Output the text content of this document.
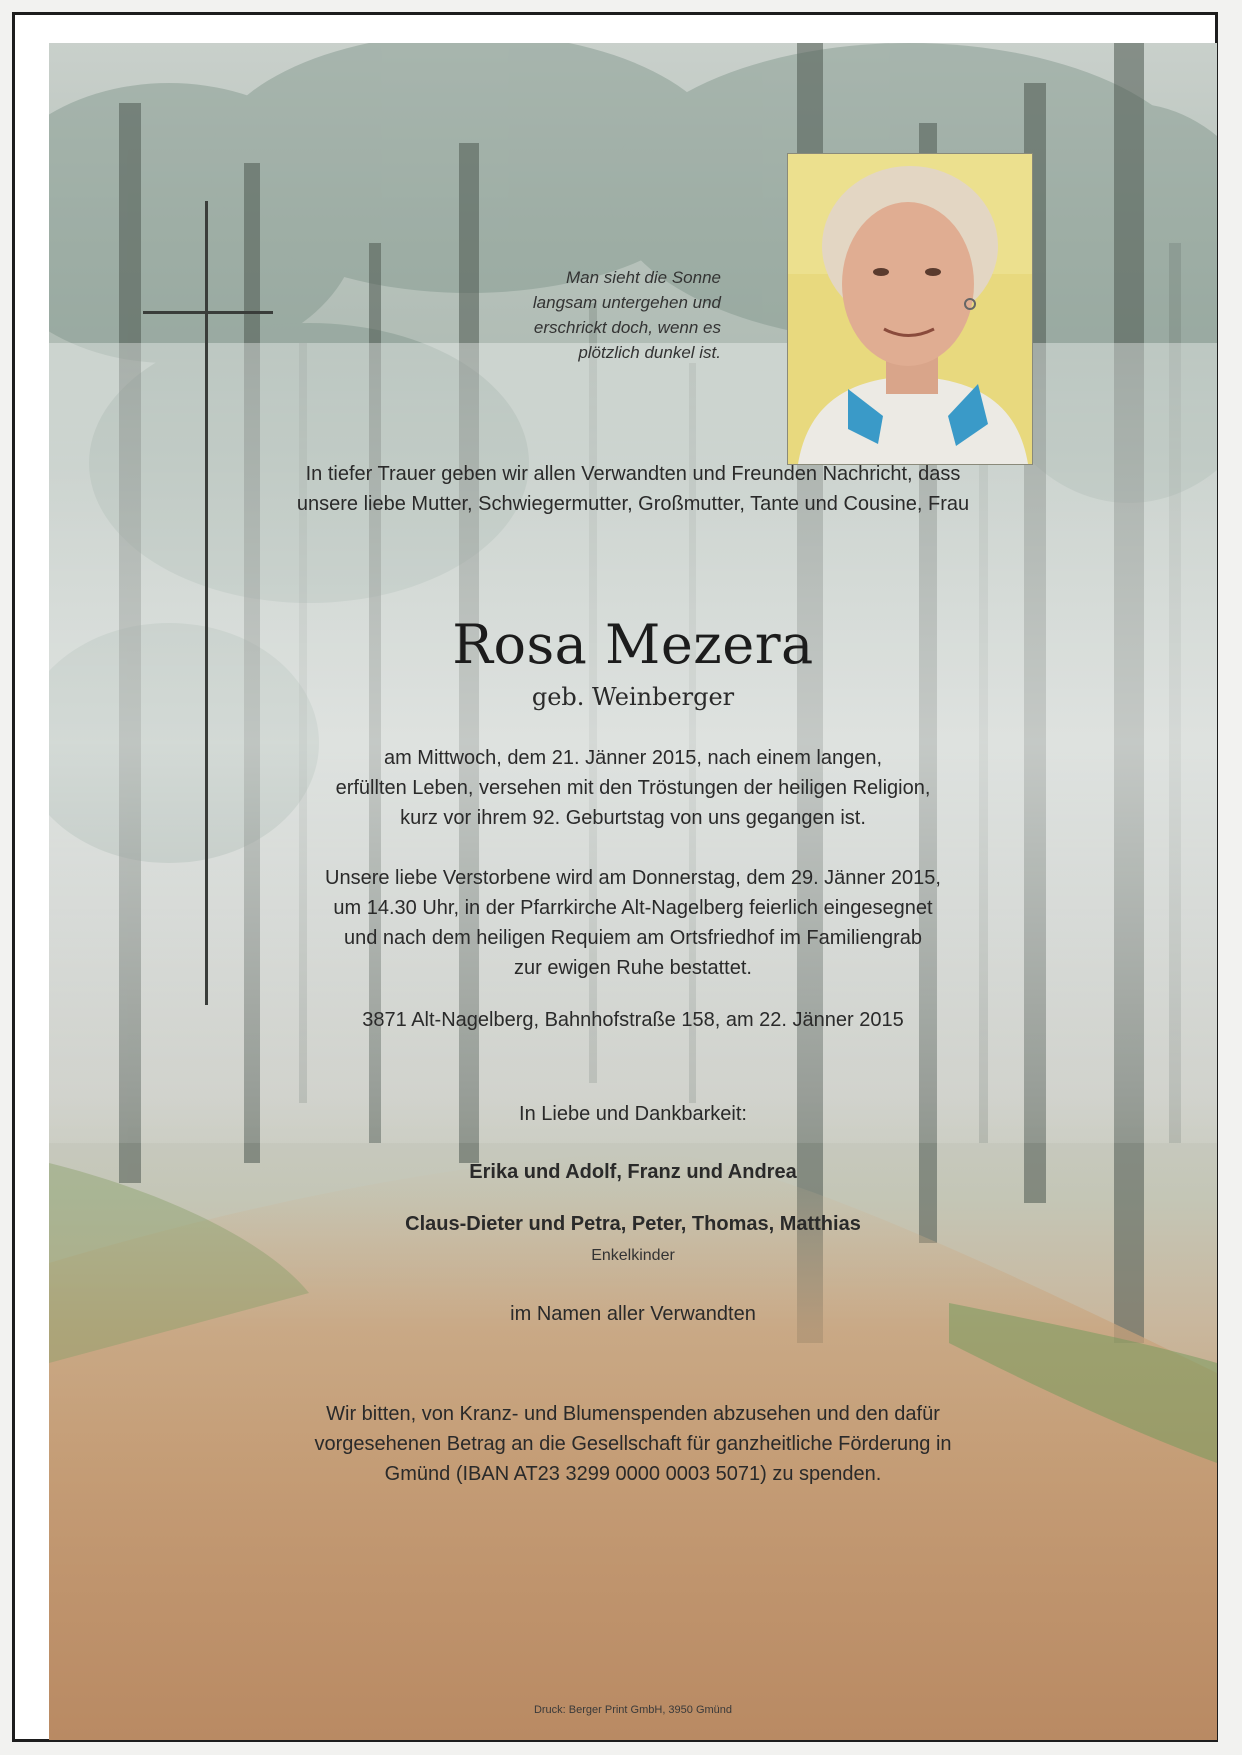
Man sieht die Sonne
langsam untergehen und
erschrickt doch, wenn es
plötzlich dunkel ist.
In tiefer Trauer geben wir allen Verwandten und Freunden Nachricht, dass
unsere liebe Mutter, Schwiegermutter, Großmutter, Tante und Cousine, Frau
Rosa Mezera
geb. Weinberger
am Mittwoch, dem 21. Jänner 2015, nach einem langen,
erfüllten Leben, versehen mit den Tröstungen der heiligen Religion,
kurz vor ihrem 92. Geburtstag von uns gegangen ist.
Unsere liebe Verstorbene wird am Donnerstag, dem 29. Jänner 2015,
um 14.30 Uhr, in der Pfarrkirche Alt-Nagelberg feierlich eingesegnet
und nach dem heiligen Requiem am Ortsfriedhof im Familiengrab
zur ewigen Ruhe bestattet.
3871 Alt-Nagelberg, Bahnhofstraße 158, am 22. Jänner 2015
In Liebe und Dankbarkeit:
Erika und Adolf, Franz und Andrea
Claus-Dieter und Petra, Peter, Thomas, Matthias
Enkelkinder
im Namen aller Verwandten
Wir bitten, von Kranz- und Blumenspenden abzusehen und den dafür
vorgesehenen Betrag an die Gesellschaft für ganzheitliche Förderung in
Gmünd (IBAN AT23 3299 0000 0003 5071) zu spenden.
Druck: Berger Print GmbH, 3950 Gmünd
